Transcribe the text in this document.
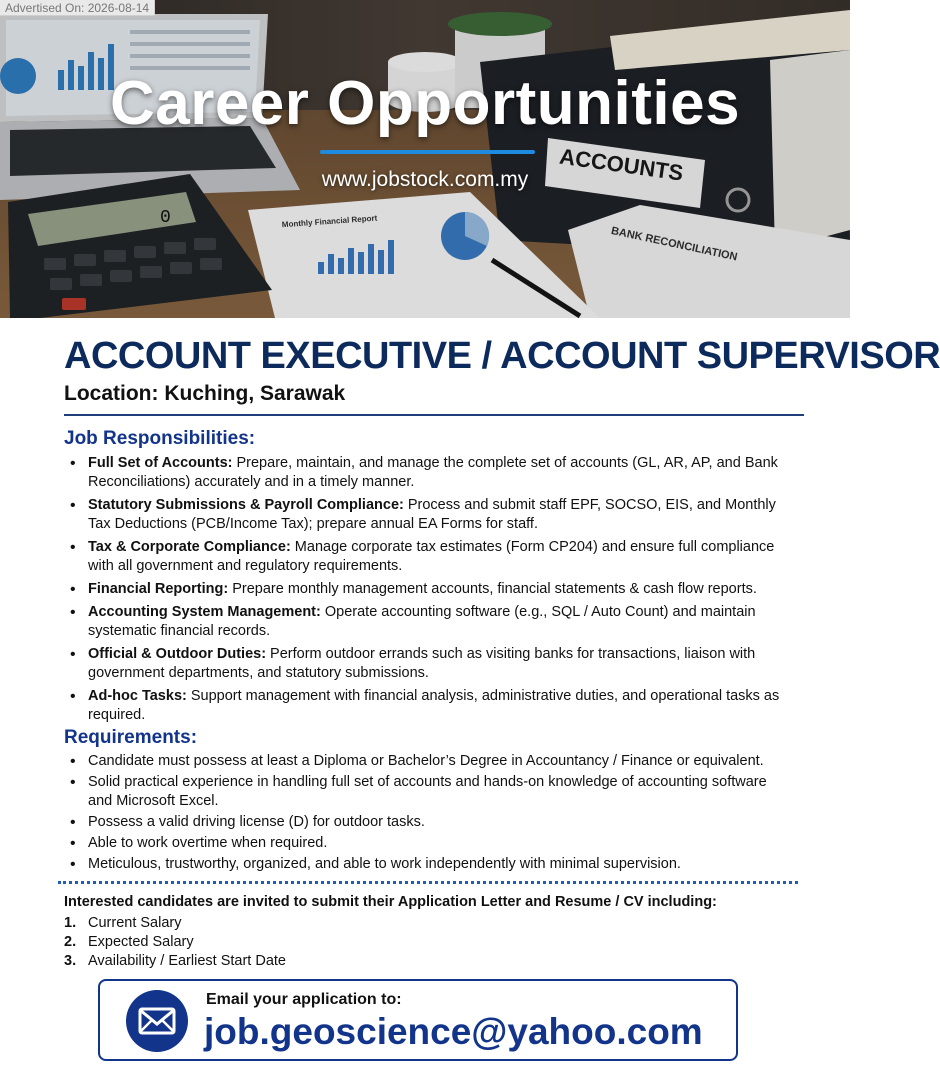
Advertised On: 2026-08-14
Career Opportunities
www.jobstock.com.my
ACCOUNT EXECUTIVE / ACCOUNT SUPERVISOR
Location: Kuching, Sarawak
Job Responsibilities:
• Full Set of Accounts: Prepare, maintain, and manage the complete set of accounts (GL, AR, AP, and Bank Reconciliations) accurately and in a timely manner.
• Statutory Submissions & Payroll Compliance: Process and submit staff EPF, SOCSO, EIS, and Monthly Tax Deductions (PCB/Income Tax); prepare annual EA Forms for staff.
• Tax & Corporate Compliance: Manage corporate tax estimates (Form CP204) and ensure full compliance with all government and regulatory requirements.
• Financial Reporting: Prepare monthly management accounts, financial statements & cash flow reports.
• Accounting System Management: Operate accounting software (e.g., SQL / Auto Count) and maintain systematic financial records.
• Official & Outdoor Duties: Perform outdoor errands such as visiting banks for transactions, liaison with government departments, and statutory submissions.
• Ad-hoc Tasks: Support management with financial analysis, administrative duties, and operational tasks as required.
Requirements:
• Candidate must possess at least a Diploma or Bachelor’s Degree in Accountancy / Finance or equivalent.
• Solid practical experience in handling full set of accounts and hands-on knowledge of accounting software and Microsoft Excel.
• Possess a valid driving license (D) for outdoor tasks.
• Able to work overtime when required.
• Meticulous, trustworthy, organized, and able to work independently with minimal supervision.
Interested candidates are invited to submit their Application Letter and Resume / CV including:
1. Current Salary
2. Expected Salary
3. Availability / Earliest Start Date
Email your application to:
job.geoscience@yahoo.com
